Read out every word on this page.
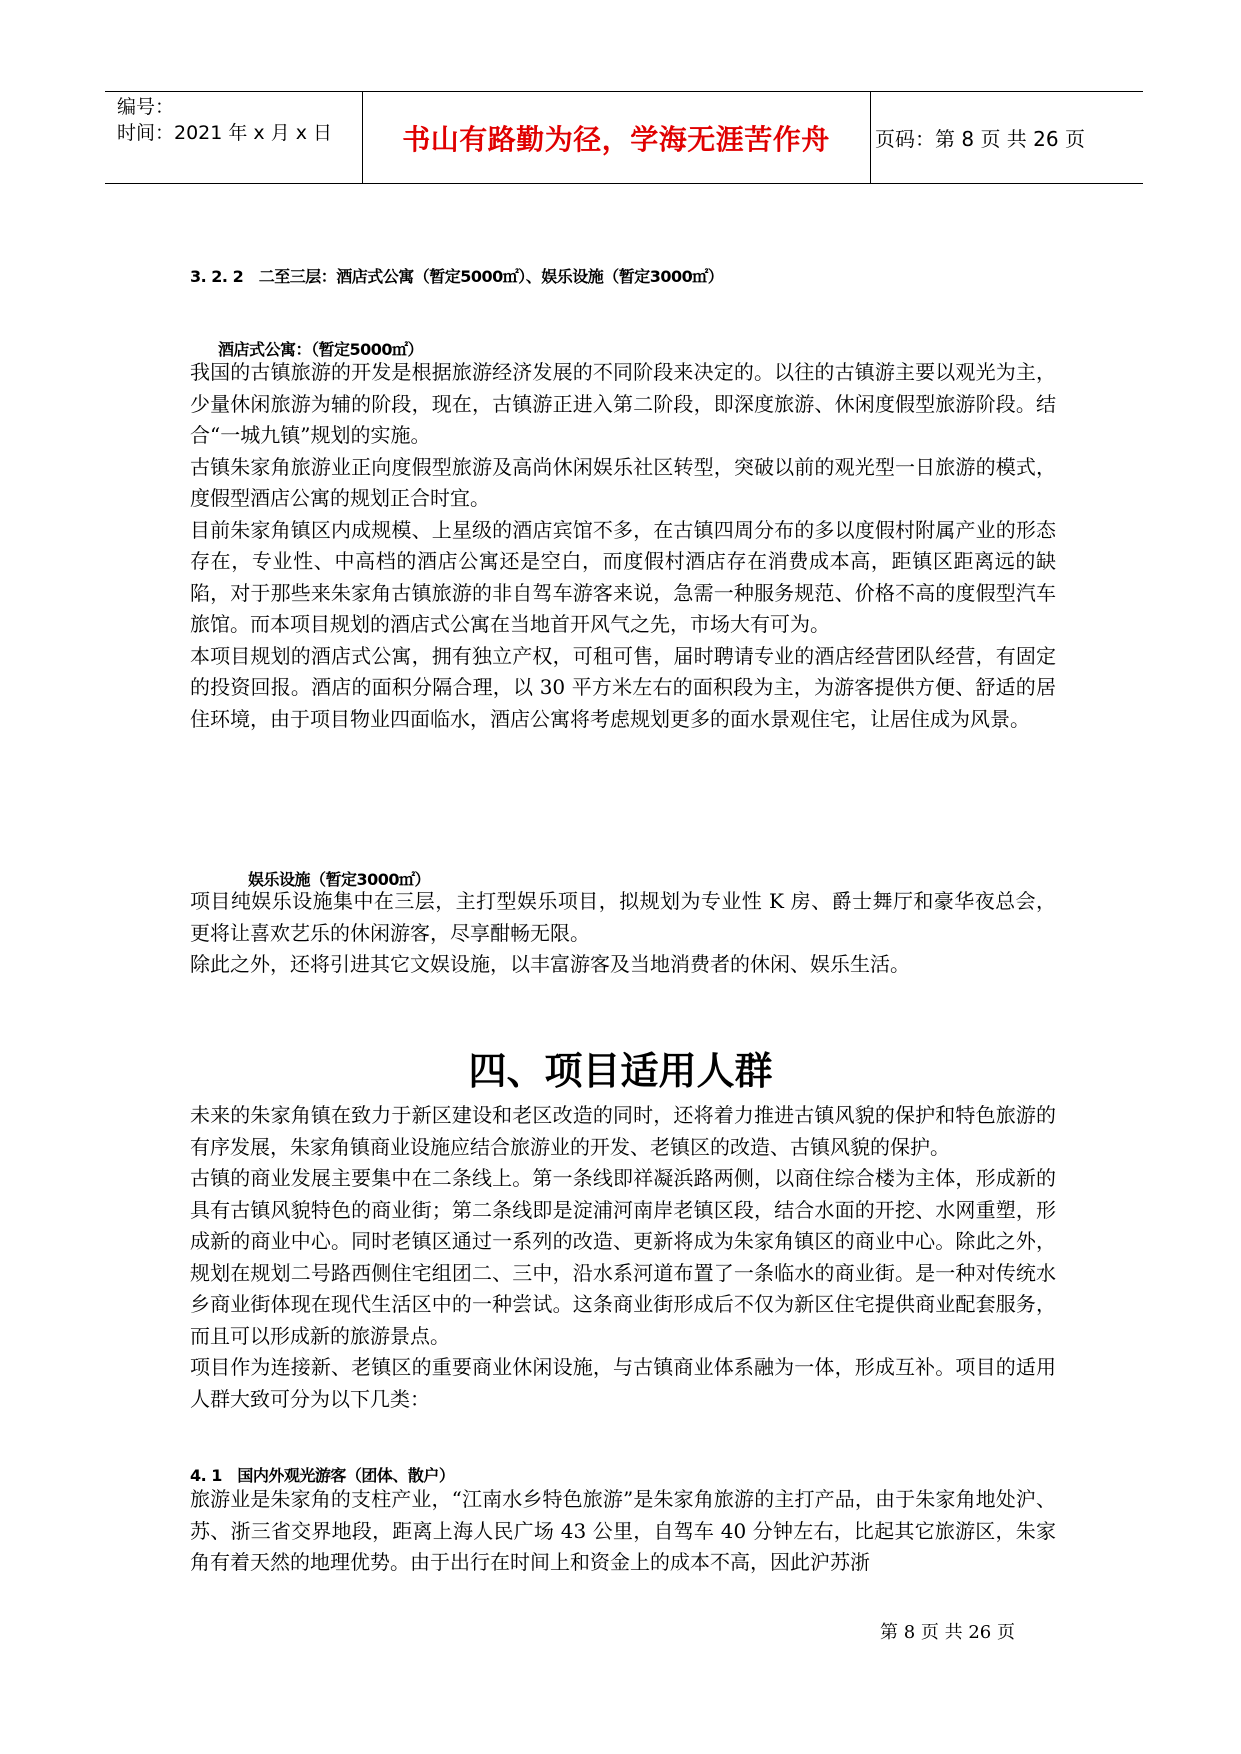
编号：
时间：2021 年 x 月 x 日	书山有路勤为径，学海无涯苦作舟	页码：第 8 页 共 26 页
3. 2. 2　二至三层：酒店式公寓（暂定5000㎡）、娱乐设施（暂定3000㎡）
酒店式公寓：（暂定5000㎡）

我国的古镇旅游的开发是根据旅游经济发展的不同阶段来决定的。以往的古镇游主要以观光为主，少量休闲旅游为辅的阶段，现在，古镇游正进入第二阶段，即深度旅游、休闲度假型旅游阶段。结合“一城九镇”规划的实施。

古镇朱家角旅游业正向度假型旅游及高尚休闲娱乐社区转型，突破以前的观光型一日旅游的模式，度假型酒店公寓的规划正合时宜。

目前朱家角镇区内成规模、上星级的酒店宾馆不多，在古镇四周分布的多以度假村附属产业的形态存在，专业性、中高档的酒店公寓还是空白，而度假村酒店存在消费成本高，距镇区距离远的缺陷，对于那些来朱家角古镇旅游的非自驾车游客来说，急需一种服务规范、价格不高的度假型汽车旅馆。而本项目规划的酒店式公寓在当地首开风气之先，市场大有可为。

本项目规划的酒店式公寓，拥有独立产权，可租可售，届时聘请专业的酒店经营团队经营，有固定的投资回报。酒店的面积分隔合理，以 30 平方米左右的面积段为主，为游客提供方便、舒适的居住环境，由于项目物业四面临水，酒店公寓将考虑规划更多的面水景观住宅，让居住成为风景。

娱乐设施（暂定3000㎡）

项目纯娱乐设施集中在三层，主打型娱乐项目，拟规划为专业性 K 房、爵士舞厅和豪华夜总会，更将让喜欢艺乐的休闲游客，尽享酣畅无限。

除此之外，还将引进其它文娱设施，以丰富游客及当地消费者的休闲、娱乐生活。

四、项目适用人群

未来的朱家角镇在致力于新区建设和老区改造的同时，还将着力推进古镇风貌的保护和特色旅游的有序发展，朱家角镇商业设施应结合旅游业的开发、老镇区的改造、古镇风貌的保护。

古镇的商业发展主要集中在二条线上。第一条线即祥凝浜路两侧，以商住综合楼为主体，形成新的具有古镇风貌特色的商业街；第二条线即是淀浦河南岸老镇区段，结合水面的开挖、水网重塑，形成新的商业中心。同时老镇区通过一系列的改造、更新将成为朱家角镇区的商业中心。除此之外，规划在规划二号路西侧住宅组团二、三中，沿水系河道布置了一条临水的商业街。是一种对传统水乡商业街体现在现代生活区中的一种尝试。这条商业街形成后不仅为新区住宅提供商业配套服务，而且可以形成新的旅游景点。

项目作为连接新、老镇区的重要商业休闲设施，与古镇商业体系融为一体，形成互补。项目的适用人群大致可分为以下几类：

4. 1　国内外观光游客（团体、散户）

旅游业是朱家角的支柱产业，“江南水乡特色旅游”是朱家角旅游的主打产品，由于朱家角地处沪、苏、浙三省交界地段，距离上海人民广场 43 公里，自驾车 40 分钟左右，比起其它旅游区，朱家角有着天然的地理优势。由于出行在时间上和资金上的成本不高，因此沪苏浙

第 8 页 共 26 页
